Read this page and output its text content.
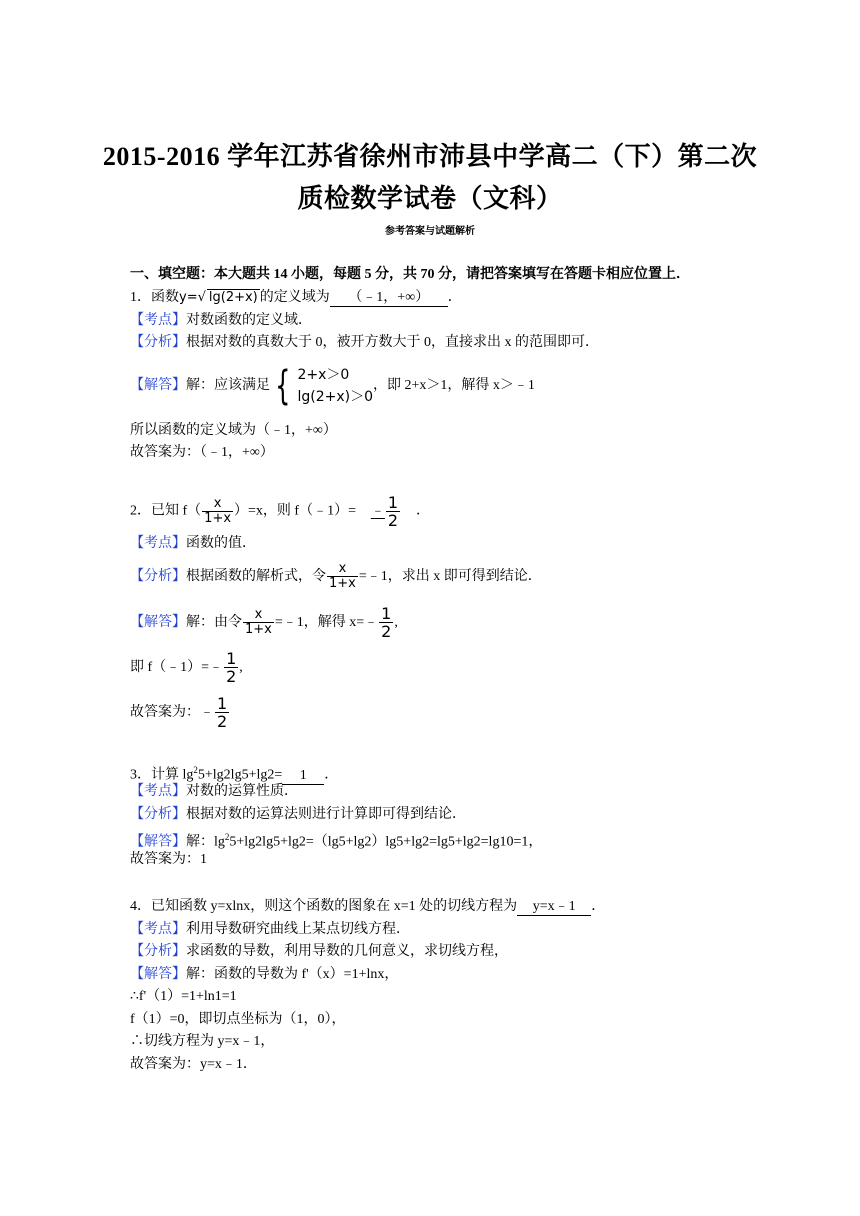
2015-2016 学年江苏省徐州市沛县中学高二（下）第二次
质检数学试卷（文科）
参考答案与试题解析
一、填空题：本大题共 14 小题，每题 5 分，共 70 分，请把答案填写在答题卡相应位置上．
1．函数y=√ lg(2+x) 的定义域为 （﹣1，+∞） ．
【考点】对数函数的定义域．
【分析】根据对数的真数大于 0，被开方数大于 0，直接求出 x 的范围即可．
【解答】解：应该满足 { 2+x＞0
lg(2+x)＞0
，即 2+x＞1，解得 x＞﹣1
所以函数的定义域为（﹣1，+∞）
故答案为：（﹣1，+∞）
2．已知 $f( \frac{x}{1+x} )=x$，则 f（﹣1）= ﹣ $\frac{1}{2}$ ．
【考点】函数的值．
【分析】根据函数的解析式，令 $\frac{x}{1+x}$ =﹣1，求出 x 即可得到结论．
【解答】解：由令 $\frac{x}{1+x}$ =﹣1，解得 x=﹣ $\frac{1}{2}$ ,
即 f（﹣1）=﹣ $\frac{1}{2}$ ,
故答案为：﹣ $\frac{1}{2}$
3．计算 $\lg^25+\lg 2\lg 5+\lg 2= 1$ ．
【考点】对数的运算性质．
【分析】根据对数的运算法则进行计算即可得到结论．
【解答】解：$\lg^25+\lg 2\lg 5+\lg 2=(\lg 5+\lg 2)\lg 5+\lg 2=\lg 5+\lg 2=\lg 10=1$，
故答案为：1
4．已知函数 y=xlnx，则这个函数的图象在 x=1 处的切线方程为 y=x﹣1 ．
【考点】利用导数研究曲线上某点切线方程．
【分析】求函数的导数，利用导数的几何意义，求切线方程，
【解答】解：函数的导数为 f'（x）=1+lnx，
∴f'（1）=1+ln1=1
f（1）=0，即切点坐标为（1，0），
∴切线方程为 y=x﹣1，
故答案为：y=x﹣1．
